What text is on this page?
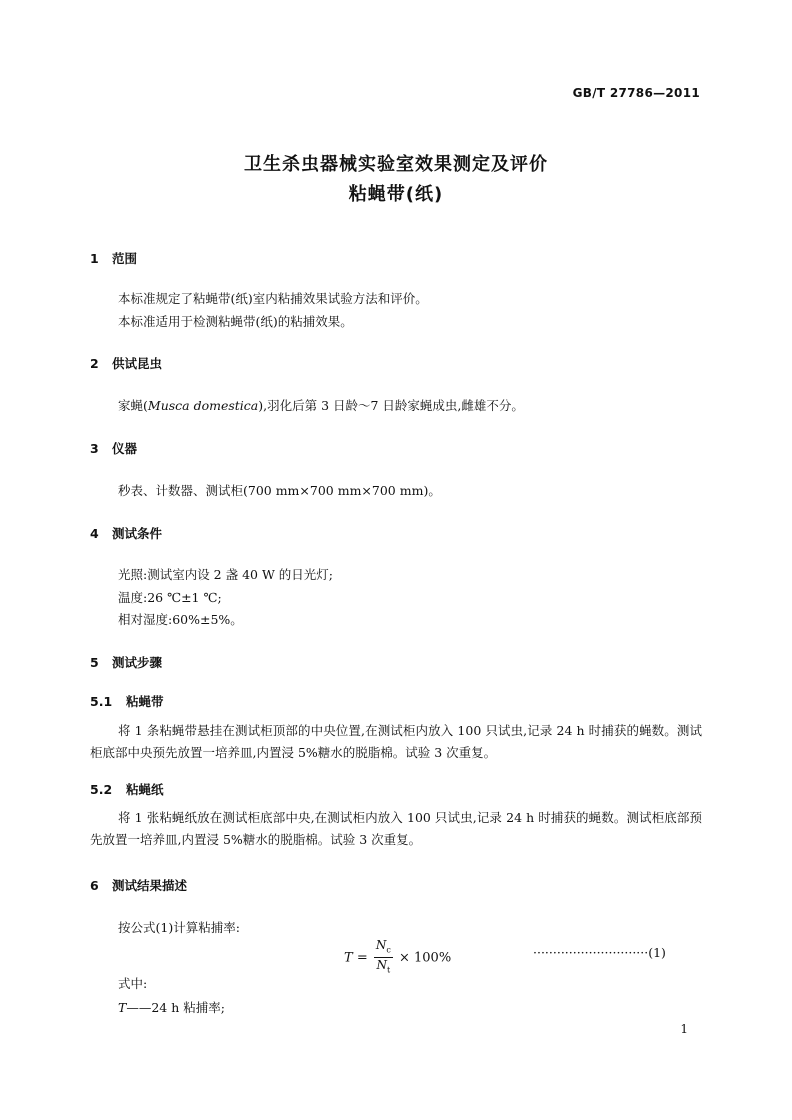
GB/T 27786—2011
卫生杀虫器械实验室效果测定及评价
粘蝇带(纸)
1 范围
本标准规定了粘蝇带(纸)室内粘捕效果试验方法和评价。
本标准适用于检测粘蝇带(纸)的粘捕效果。
2 供试昆虫
家蝇(Musca domestica),羽化后第 3 日龄～7 日龄家蝇成虫,雌雄不分。
3 仪器
秒表、计数器、测试柜(700 mm×700 mm×700 mm)。
4 测试条件
光照:测试室内设 2 盏 40 W 的日光灯;
温度:26 ℃±1 ℃;
相对湿度:60%±5%。
5 测试步骤
5.1 粘蝇带
将 1 条粘蝇带悬挂在测试柜顶部的中央位置,在测试柜内放入 100 只试虫,记录 24 h 时捕获的蝇数。测试柜底部中央预先放置一培养皿,内置浸 5%糖水的脱脂棉。试验 3 次重复。
5.2 粘蝇纸
将 1 张粘蝇纸放在测试柜底部中央,在测试柜内放入 100 只试虫,记录 24 h 时捕获的蝇数。测试柜底部预先放置一培养皿,内置浸 5%糖水的脱脂棉。试验 3 次重复。
6 测试结果描述
按公式(1)计算粘捕率:
$T = \frac{N_c}{N_t} \times 100\%$	·····························(1)
式中:
T——24 h 粘捕率;
1
